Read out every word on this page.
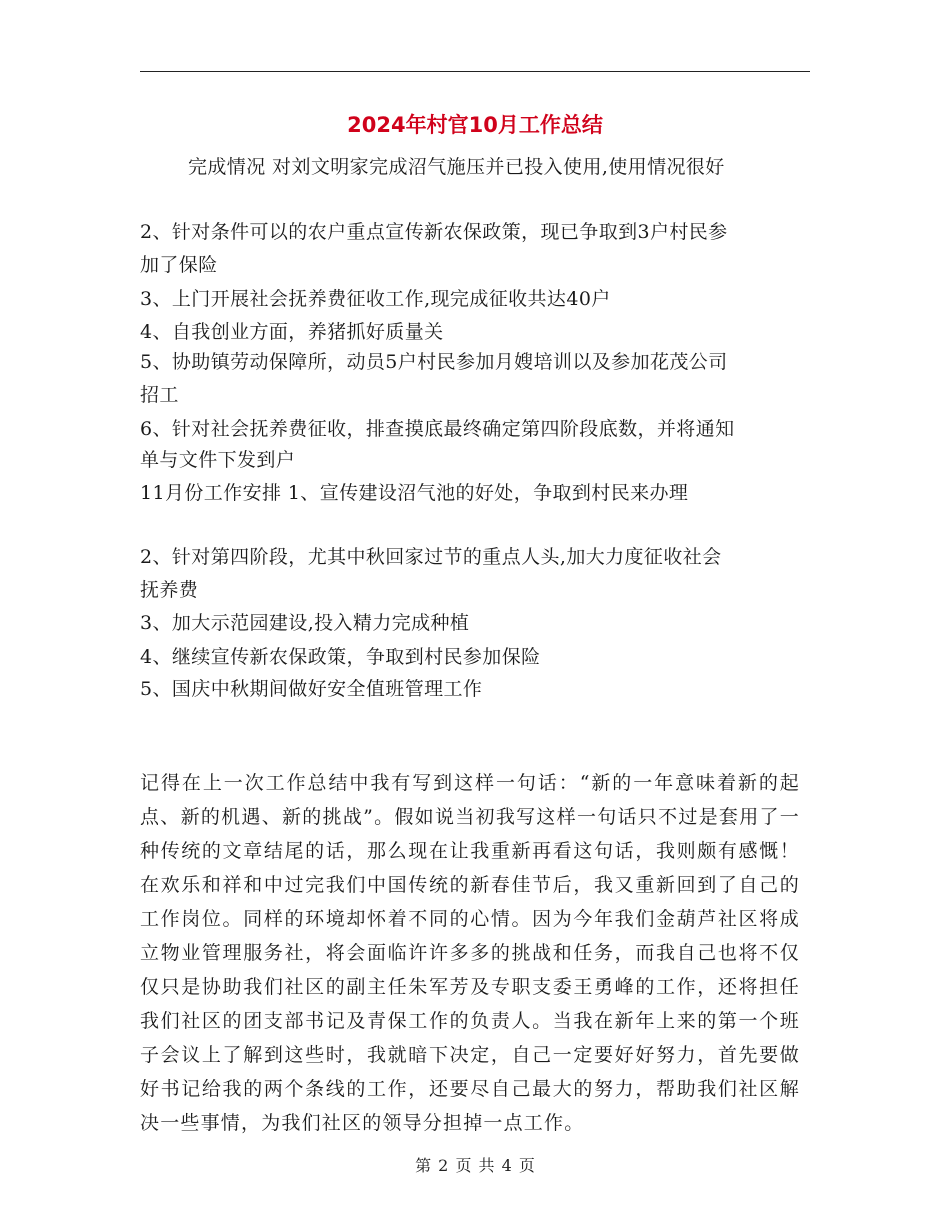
2024年村官10月工作总结
完成情况 对刘文明家完成沼气施压并已投入使用,使用情况很好
2、针对条件可以的农户重点宣传新农保政策，现已争取到3户村民参
加了保险
3、上门开展社会抚养费征收工作,现完成征收共达40户
4、自我创业方面，养猪抓好质量关
5、协助镇劳动保障所，动员5户村民参加月嫂培训以及参加花茂公司
招工
6、针对社会抚养费征收，排查摸底最终确定第四阶段底数，并将通知
单与文件下发到户
11月份工作安排 1、宣传建设沼气池的好处，争取到村民来办理
2、针对第四阶段，尤其中秋回家过节的重点人头,加大力度征收社会
抚养费
3、加大示范园建设,投入精力完成种植
4、继续宣传新农保政策，争取到村民参加保险
5、国庆中秋期间做好安全值班管理工作

记得在上一次工作总结中我有写到这样一句话：“新的一年意味着新的起点、新的机遇、新的挑战”。假如说当初我写这样一句话只不过是套用了一种传统的文章结尾的话，那么现在让我重新再看这句话，我则颇有感慨！在欢乐和祥和中过完我们中国传统的新春佳节后，我又重新回到了自己的工作岗位。同样的环境却怀着不同的心情。因为今年我们金葫芦社区将成立物业管理服务社，将会面临许许多多的挑战和任务，而我自己也将不仅仅只是协助我们社区的副主任朱军芳及专职支委王勇峰的工作，还将担任我们社区的团支部书记及青保工作的负责人。当我在新年上来的第一个班子会议上了解到这些时，我就暗下决定，自己一定要好好努力，首先要做好书记给我的两个条线的工作，还要尽自己最大的努力，帮助我们社区解决一些事情，为我们社区的领导分担掉一点工作。

第 2 页 共 4 页
